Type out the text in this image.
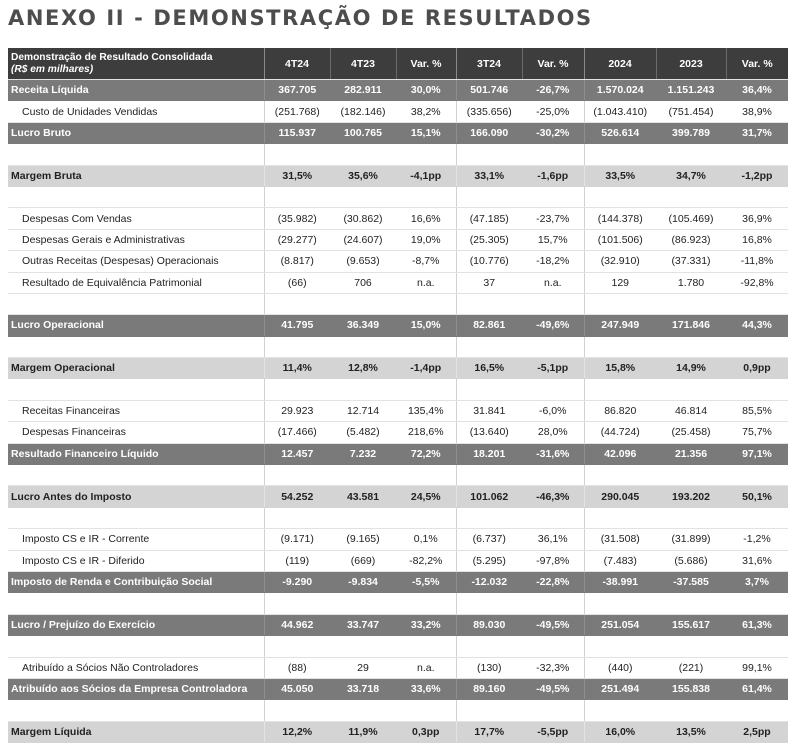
ANEXO II - DEMONSTRAÇÃO DE RESULTADOS
Demonstração de Resultado Consolidada
(R$ em milhares)	4T24	4T23	Var. %	3T24	Var. %	2024	2023	Var. %
Receita Líquida	367.705	282.911	30,0%	501.746	-26,7%	1.570.024	1.151.243	36,4%
Custo de Unidades Vendidas	(251.768)	(182.146)	38,2%	(335.656)	-25,0%	(1.043.410)	(751.454)	38,9%
Lucro Bruto	115.937	100.765	15,1%	166.090	-30,2%	526.614	399.789	31,7%

Margem Bruta	31,5%	35,6%	-4,1pp	33,1%	-1,6pp	33,5%	34,7%	-1,2pp

Despesas Com Vendas	(35.982)	(30.862)	16,6%	(47.185)	-23,7%	(144.378)	(105.469)	36,9%
Despesas Gerais e Administrativas	(29.277)	(24.607)	19,0%	(25.305)	15,7%	(101.506)	(86.923)	16,8%
Outras Receitas (Despesas) Operacionais	(8.817)	(9.653)	-8,7%	(10.776)	-18,2%	(32.910)	(37.331)	-11,8%
Resultado de Equivalência Patrimonial	(66)	706	n.a.	37	n.a.	129	1.780	-92,8%

Lucro Operacional	41.795	36.349	15,0%	82.861	-49,6%	247.949	171.846	44,3%

Margem Operacional	11,4%	12,8%	-1,4pp	16,5%	-5,1pp	15,8%	14,9%	0,9pp

Receitas Financeiras	29.923	12.714	135,4%	31.841	-6,0%	86.820	46.814	85,5%
Despesas Financeiras	(17.466)	(5.482)	218,6%	(13.640)	28,0%	(44.724)	(25.458)	75,7%
Resultado Financeiro Líquido	12.457	7.232	72,2%	18.201	-31,6%	42.096	21.356	97,1%

Lucro Antes do Imposto	54.252	43.581	24,5%	101.062	-46,3%	290.045	193.202	50,1%

Imposto CS e IR - Corrente	(9.171)	(9.165)	0,1%	(6.737)	36,1%	(31.508)	(31.899)	-1,2%
Imposto CS e IR - Diferido	(119)	(669)	-82,2%	(5.295)	-97,8%	(7.483)	(5.686)	31,6%
Imposto de Renda e Contribuição Social	-9.290	-9.834	-5,5%	-12.032	-22,8%	-38.991	-37.585	3,7%

Lucro / Prejuízo do Exercício	44.962	33.747	33,2%	89.030	-49,5%	251.054	155.617	61,3%

Atribuído a Sócios Não Controladores	(88)	29	n.a.	(130)	-32,3%	(440)	(221)	99,1%
Atribuído aos Sócios da Empresa Controladora	45.050	33.718	33,6%	89.160	-49,5%	251.494	155.838	61,4%

Margem Líquida	12,2%	11,9%	0,3pp	17,7%	-5,5pp	16,0%	13,5%	2,5pp
